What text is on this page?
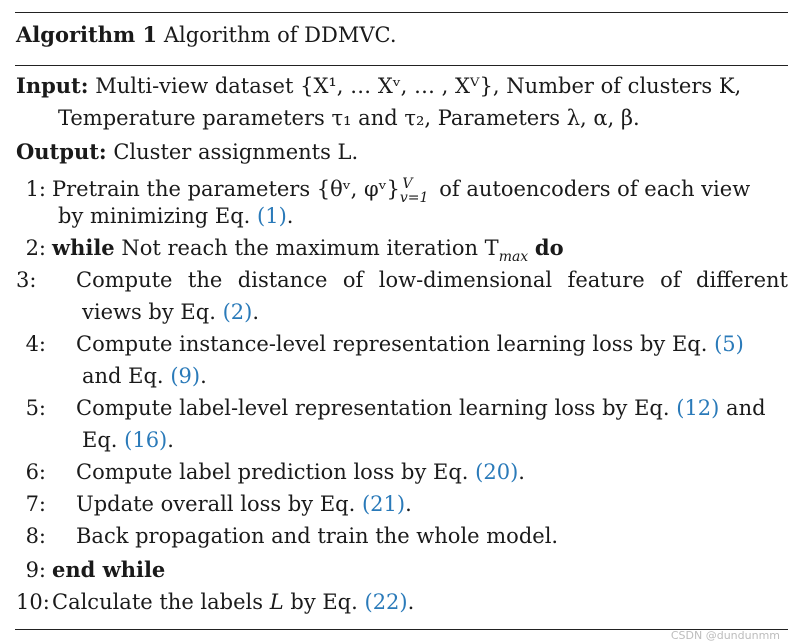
Algorithm 1 Algorithm of DDMVC.
Input: Multi-view dataset {X¹, … Xᵛ, … , Xⱽ}, Number of clusters K,
Temperature parameters τ₁ and τ₂, Parameters λ, α, β.
Output: Cluster assignments L.
1: Pretrain the parameters {θᵛ, $\varphi ᵛ\}_{v=1}^V$ of autoencoders of each view
by minimizing Eq. (1).
2: while Not reach the maximum iteration $T_{max}$ do
3: Compute the distance of low-dimensional feature of different
views by Eq. (2).
4: Compute instance-level representation learning loss by Eq. (5)
and Eq. (9).
5: Compute label-level representation learning loss by Eq. (12) and
Eq. (16).
6: Compute label prediction loss by Eq. (20).
7: Update overall loss by Eq. (21).
8: Back propagation and train the whole model.
9: end while
10: Calculate the labels L by Eq. (22).
CSDN @dundunmm
